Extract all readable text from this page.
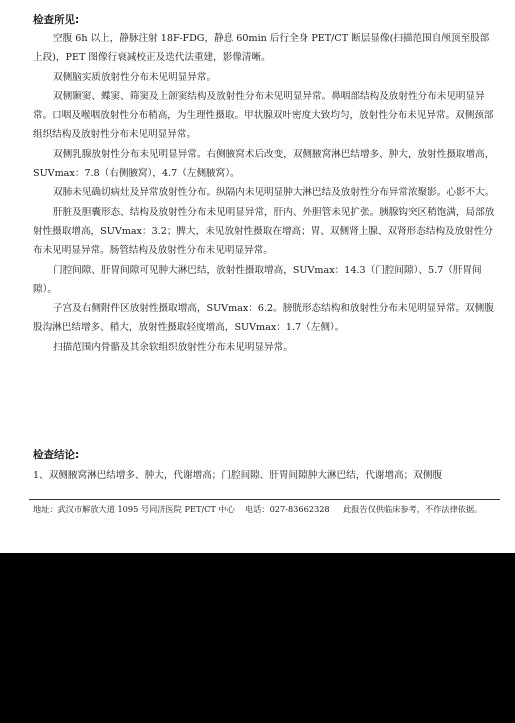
检查所见:

空腹 6h 以上，静脉注射 18F-FDG，静息 60min 后行全身 PET/CT 断层显像(扫描范围自颅顶至股部上段)，PET 图像行衰减校正及迭代法重建，影像清晰。

双侧脑实质放射性分布未见明显异常。

双侧颞窦、蝶窦、筛窦及上颌窦结构及放射性分布未见明显异常。鼻咽部结构及放射性分布未见明显异常。口咽及喉咽放射性分布稍高，为生理性摄取。甲状腺双叶密度大致均匀，放射性分布未见异常。双侧颈部组织结构及放射性分布未见明显异常。

双侧乳腺放射性分布未见明显异常。右侧腋窝术后改变，双侧腋窝淋巴结增多、肿大，放射性摄取增高，SUVmax：7.8（右侧腋窝），4.7（左侧腋窝）。

双肺未见确切病灶及异常放射性分布。纵隔内未见明显肿大淋巴结及放射性分布异常浓聚影。心影不大。

肝脏及胆囊形态、结构及放射性分布未见明显异常，肝内、外胆管未见扩张。胰腺钩突区稍饱满，局部放射性摄取增高，SUVmax：3.2；脾大，未见放射性摄取在增高；胃、双侧肾上腺、双肾形态结构及放射性分布未见明显异常。肠管结构及放射性分布未见明显异常。

门腔间隙、肝胃间隙可见肿大淋巴结，放射性摄取增高，SUVmax：14.3（门腔间隙）、5.7（肝胃间隙）。

子宫及右侧附件区放射性摄取增高，SUVmax：6.2。膀胱形态结构和放射性分布未见明显异常。双侧腹股沟淋巴结增多、稍大，放射性摄取轻度增高，SUVmax：1.7（左侧）。

扫描范围内骨骼及其余软组织放射性分布未见明显异常。

检查结论:

1、双侧腋窝淋巴结增多、肿大，代谢增高；门腔间隙、肝胃间隙肿大淋巴结，代谢增高；双侧腹

地址：武汉市解放大道 1095 号同济医院 PET/CT 中心 电话：027-83662328 此报告仅供临床参考，不作法律依据。
